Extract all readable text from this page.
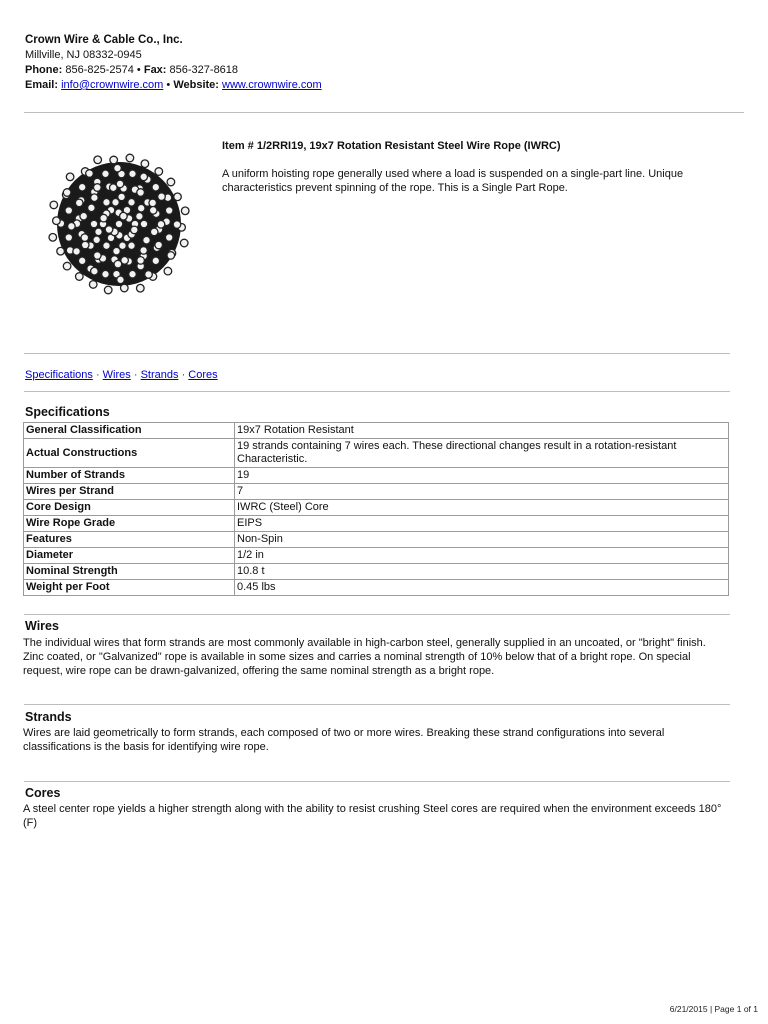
Crown Wire & Cable Co., Inc.
Millville, NJ 08332-0945
Phone: 856-825-2574 • Fax: 856-327-8618
Email: info@crownwire.com • Website: www.crownwire.com
Item # 1/2RRI19, 19x7 Rotation Resistant Steel Wire Rope (IWRC)
A uniform hoisting rope generally used where a load is suspended on a single-part line. Unique characteristics prevent spinning of the rope. This is a Single Part Rope.
Specifications · Wires · Strands · Cores
Specifications
General Classification	19x7 Rotation Resistant
Actual Constructions	19 strands containing 7 wires each. These directional changes result in a rotation-resistant Characteristic.
Number of Strands	19
Wires per Strand	7
Core Design	IWRC (Steel) Core
Wire Rope Grade	EIPS
Features	Non-Spin
Diameter	1/2 in
Nominal Strength	10.8 t
Weight per Foot	0.45 lbs
Wires
The individual wires that form strands are most commonly available in high-carbon steel, generally supplied in an uncoated, or "bright" finish. Zinc coated, or "Galvanized" rope is available in some sizes and carries a nominal strength of 10% below that of a bright rope. On special request, wire rope can be drawn-galvanized, offering the same nominal strength as a bright rope.
Strands
Wires are laid geometrically to form strands, each composed of two or more wires. Breaking these strand configurations into several classifications is the basis for identifying wire rope.
Cores
A steel center rope yields a higher strength along with the ability to resist crushing Steel cores are required when the environment exceeds 180°(F)
6/21/2015 | Page 1 of 1
